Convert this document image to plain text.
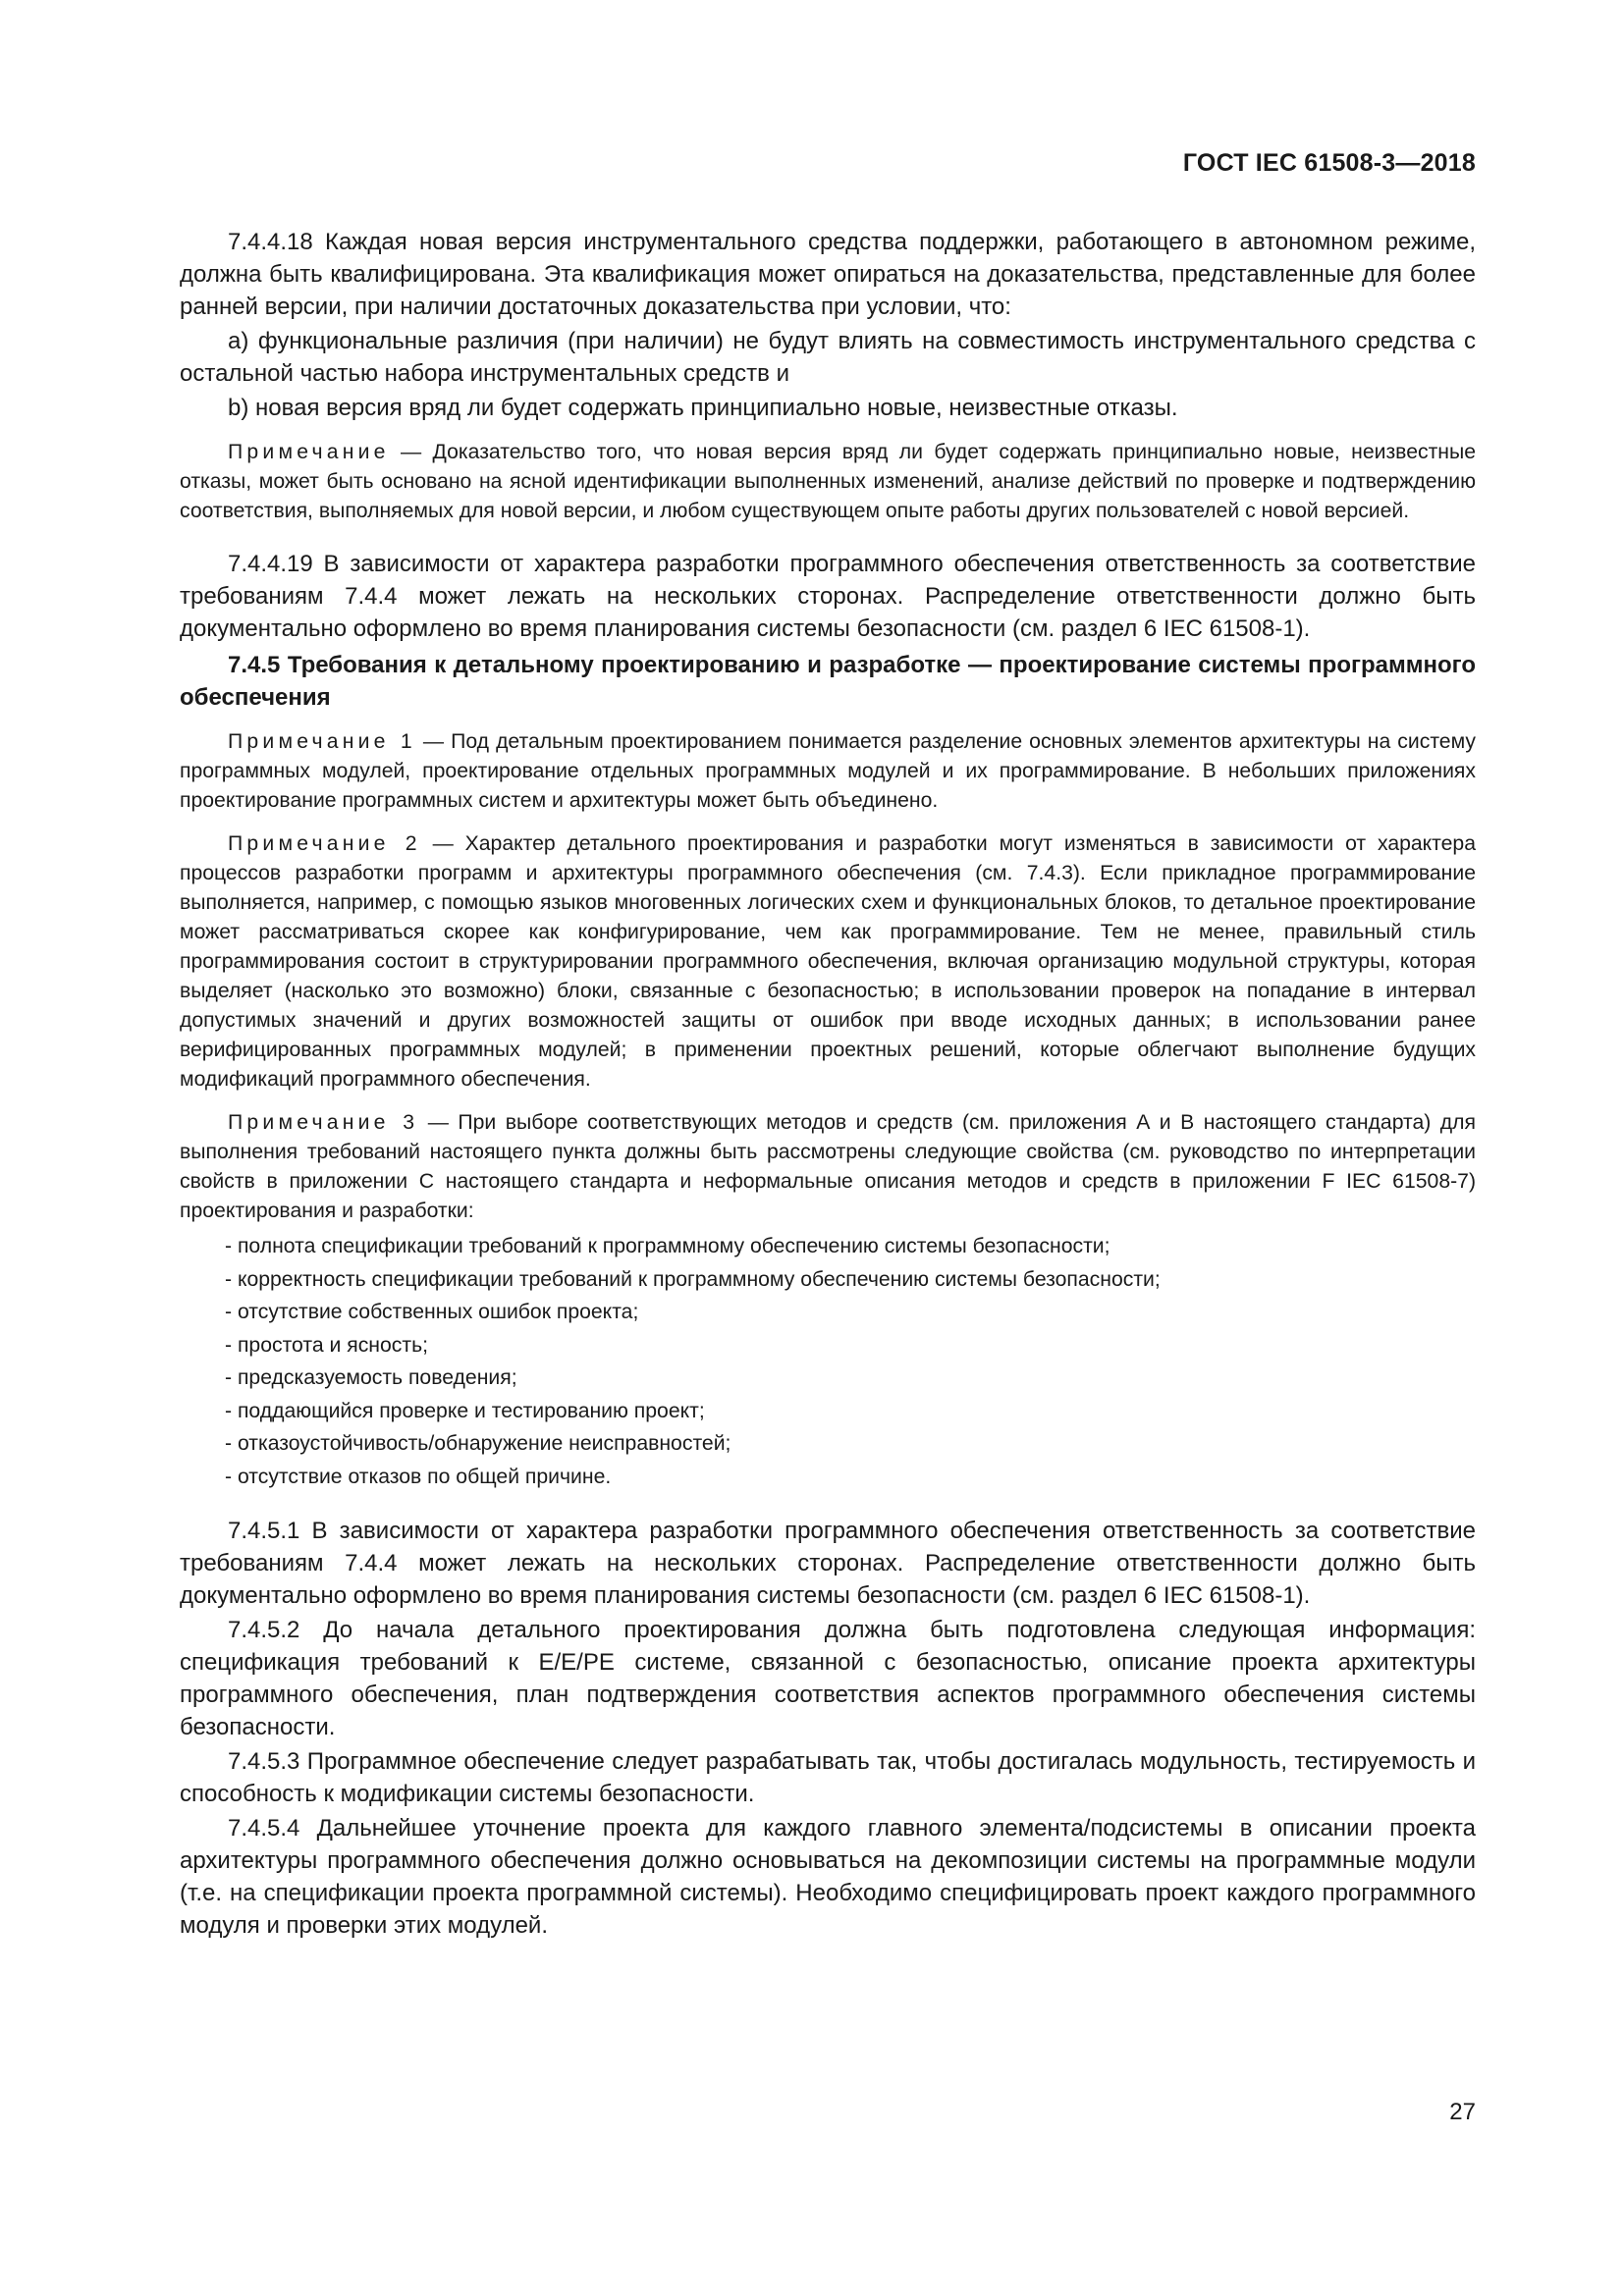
ГОСТ IEC 61508-3—2018

7.4.4.18 Каждая новая версия инструментального средства поддержки, работающего в автономном режиме, должна быть квалифицирована. Эта квалификация может опираться на доказательства, представленные для более ранней версии, при наличии достаточных доказательства при условии, что:

а) функциональные различия (при наличии) не будут влиять на совместимость инструментального средства с остальной частью набора инструментальных средств и

b) новая версия вряд ли будет содержать принципиально новые, неизвестные отказы.

Примечание — Доказательство того, что новая версия вряд ли будет содержать принципиально новые, неизвестные отказы, может быть основано на ясной идентификации выполненных изменений, анализе действий по проверке и подтверждению соответствия, выполняемых для новой версии, и любом существующем опыте работы других пользователей с новой версией.

7.4.4.19 В зависимости от характера разработки программного обеспечения ответственность за соответствие требованиям 7.4.4 может лежать на нескольких сторонах. Распределение ответственности должно быть документально оформлено во время планирования системы безопасности (см. раздел 6 IEC 61508-1).

7.4.5 Требования к детальному проектированию и разработке — проектирование системы программного обеспечения

Примечание 1 — Под детальным проектированием понимается разделение основных элементов архитектуры на систему программных модулей, проектирование отдельных программных модулей и их программирование. В небольших приложениях проектирование программных систем и архитектуры может быть объединено.

Примечание 2 — Характер детального проектирования и разработки могут изменяться в зависимости от характера процессов разработки программ и архитектуры программного обеспечения (см. 7.4.3). Если прикладное программирование выполняется, например, с помощью языков многовенных логических схем и функциональных блоков, то детальное проектирование может рассматриваться скорее как конфигурирование, чем как программирование. Тем не менее, правильный стиль программирования состоит в структурировании программного обеспечения, включая организацию модульной структуры, которая выделяет (насколько это возможно) блоки, связанные с безопасностью; в использовании проверок на попадание в интервал допустимых значений и других возможностей защиты от ошибок при вводе исходных данных; в использовании ранее верифицированных программных модулей; в применении проектных решений, которые облегчают выполнение будущих модификаций программного обеспечения.

Примечание 3 — При выборе соответствующих методов и средств (см. приложения А и В настоящего стандарта) для выполнения требований настоящего пункта должны быть рассмотрены следующие свойства (см. руководство по интерпретации свойств в приложении С настоящего стандарта и неформальные описания методов и средств в приложении F IEC 61508-7) проектирования и разработки:

- полнота спецификации требований к программному обеспечению системы безопасности;
- корректность спецификации требований к программному обеспечению системы безопасности;
- отсутствие собственных ошибок проекта;
- простота и ясность;
- предсказуемость поведения;
- поддающийся проверке и тестированию проект;
- отказоустойчивость/обнаружение неисправностей;
- отсутствие отказов по общей причине.

7.4.5.1 В зависимости от характера разработки программного обеспечения ответственность за соответствие требованиям 7.4.4 может лежать на нескольких сторонах. Распределение ответственности должно быть документально оформлено во время планирования системы безопасности (см. раздел 6 IEC 61508-1).

7.4.5.2 До начала детального проектирования должна быть подготовлена следующая информация: спецификация требований к Е/Е/РЕ системе, связанной с безопасностью, описание проекта архитектуры программного обеспечения, план подтверждения соответствия аспектов программного обеспечения системы безопасности.

7.4.5.3 Программное обеспечение следует разрабатывать так, чтобы достигалась модульность, тестируемость и способность к модификации системы безопасности.

7.4.5.4 Дальнейшее уточнение проекта для каждого главного элемента/подсистемы в описании проекта архитектуры программного обеспечения должно основываться на декомпозиции системы на программные модули (т.е. на спецификации проекта программной системы). Необходимо специфицировать проект каждого программного модуля и проверки этих модулей.

27
